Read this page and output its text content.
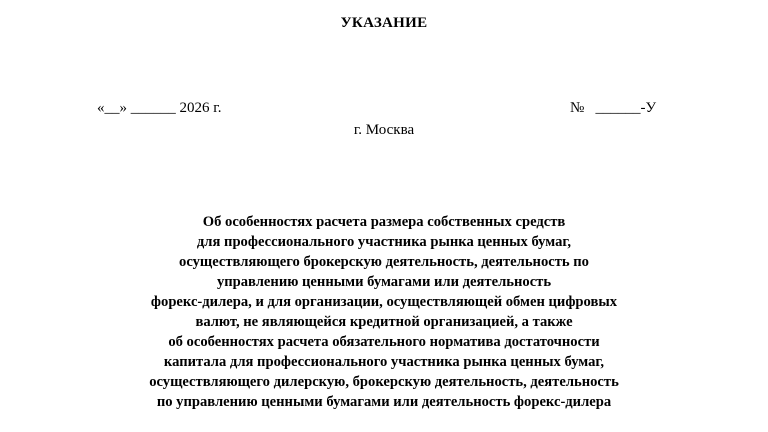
УКАЗАНИЕ
«__» ______ 2026 г.	№   ______-У
г. Москва
Об особенностях расчета размера собственных средств
для профессионального участника рынка ценных бумаг,
осуществляющего брокерскую деятельность, деятельность по
управлению ценными бумагами или деятельность
форекс-дилера, и для организации, осуществляющей обмен цифровых
валют, не являющейся кредитной организацией, а также
об особенностях расчета обязательного норматива достаточности
капитала для профессионального участника рынка ценных бумаг,
осуществляющего дилерскую, брокерскую деятельность, деятельность
по управлению ценными бумагами или деятельность форекс-дилера
